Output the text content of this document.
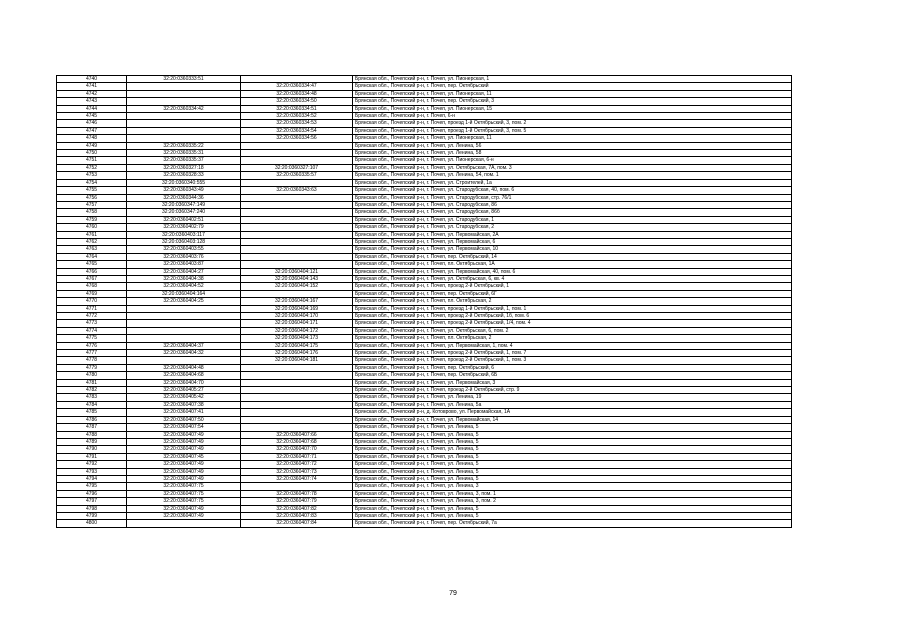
4740	32:20:0360333:51		Брянская обл., Почепский р-н, г. Почеп, ул. Пионерская, 1
4741		32:20:0360334:47	Брянская обл., Почепский р-н, г. Почеп, пер. Октябрьский
4742		32:20:0360334:48	Брянская обл., Почепский р-н, г. Почеп, ул. Пионерская, 11
4743		32:20:0360334:50	Брянская обл., Почепский р-н, г. Почеп, пер. Октябрьский, 3
4744	32:20:0360334:42	32:20:0360334:51	Брянская обл., Почепский р-н, г. Почеп, ул. Пионерская, 15
4745		32:20:0360334:52	Брянская обл., Почепский р-н, г. Почеп, 6-н
4746		32:20:0360334:53	Брянская обл., Почепский р-н, г. Почеп, проезд 1-й Октябрьский, 3, пом. 2
4747		32:20:0360334:54	Брянская обл., Почепский р-н, г. Почеп, проезд 1-й Октябрьский, 3, пом. 5
4748		32:20:0360334:56	Брянская обл., Почепский р-н, г. Почеп, ул. Пионерская, 11
4749	32:20:0360335:22		Брянская обл., Почепский р-н, г. Почеп, ул. Ленина, 56
4750	32:20:0360335:31		Брянская обл., Почепский р-н, г. Почеп, ул. Ленина, 58
4751	32:20:0360335:37		Брянская обл., Почепский р-н, г. Почеп, ул. Пионерская, 6-н
4752	32:20:0360327:18	32:20:0360327:107	Брянская обл., Почепский р-н, г. Почеп, ул. Октябрьская, 7А, пом. 3
4753	32:20:0360328:33	32:20:0360335:57	Брянская обл., Почепский р-н, г. Почеп, ул. Ленина, 54, пом. 1
4754	32:20:0360340:555		Брянская обл., Почепский р-н, г. Почеп, ул. Строителей, 1а
4755	32:20:0360343:49	32:20:0360343:63	Брянская обл., Почепский р-н, г. Почеп, ул. Стародубская, 40, пом. 6
4756	32:20:0360344:36		Брянская обл., Почепский р-н, г. Почеп, ул. Стародубская, стр. 76/1
4757	32:20:0360347:149		Брянская обл., Почепский р-н, г. Почеп, ул. Стародубская, 86
4758	32:20:0360347:240		Брянская обл., Почепский р-н, г. Почеп, ул. Стародубская, 86б
4759	32:20:0360402:51		Брянская обл., Почепский р-н, г. Почеп, ул. Стародубская, 1
4760	32:20:0360402:79		Брянская обл., Почепский р-н, г. Почеп, ул. Стародубская, 2
4761	32:20:0360403:117		Брянская обл., Почепский р-н, г. Почеп, ул. Первомайская, 2А
4762	32:20:0360403:128		Брянская обл., Почепский р-н, г. Почеп, ул. Первомайская, 6
4763	32:20:0360403:55		Брянская обл., Почепский р-н, г. Почеп, ул. Первомайская, 10
4764	32:20:0360403:76		Брянская обл., Почепский р-н, г. Почеп, пер. Октябрьский, 14
4765	32:20:0360403:87		Брянская обл., Почепский р-н, г. Почеп, пл. Октябрьская, 1А
4766	32:20:0360404:27	32:20:0360404:121	Брянская обл., Почепский р-н, г. Почеп, ул. Первомайская, 40, пом. 6
4767	32:20:0360404:38	32:20:0360404:143	Брянская обл., Почепский р-н, г. Почеп, ул. Октябрьская, 6, кв. 4
4768	32:20:0360404:52	32:20:0360404:152	Брянская обл., Почепский р-н, г. Почеп, проезд 2-й Октябрьский, 1
4769	32:20:0360404:164		Брянская обл., Почепский р-н, г. Почеп, пер. Октябрьский, 6Г
4770	32:20:0360404:25	32:20:0360404:167	Брянская обл., Почепский р-н, г. Почеп, пл. Октябрьская, 2
4771		32:20:0360404:169	Брянская обл., Почепский р-н, г. Почеп, проезд 1-й Октябрьский, 1, пом. 1
4772		32:20:0360404:170	Брянская обл., Почепский р-н, г. Почеп, проезд 2-й Октябрьский, 1б, пом. 6
4773		32:20:0360404:171	Брянская обл., Почепский р-н, г. Почеп, проезд 2-й Октябрьский, 1/4, пом. 4
4774		32:20:0360404:172	Брянская обл., Почепский р-н, г. Почеп, ул. Октябрьская, 6, пом. 2
4775		32:20:0360404:173	Брянская обл., Почепский р-н, г. Почеп, пл. Октябрьская, 2
4776	32:20:0360404:37	32:20:0360404:175	Брянская обл., Почепский р-н, г. Почеп, ул. Первомайская, 1, пом. 4
4777	32:20:0360404:32	32:20:0360404:176	Брянская обл., Почепский р-н, г. Почеп, проезд 2-й Октябрьский, 1, пом. 7
4778		32:20:0360404:181	Брянская обл., Почепский р-н, г. Почеп, проезд 2-й Октябрьский, 1, пом. 3
4779	32:20:0360404:48		Брянская обл., Почепский р-н, г. Почеп, пер. Октябрьский, 6
4780	32:20:0360404:68		Брянская обл., Почепский р-н, г. Почеп, пер. Октябрьский, 6Б
4781	32:20:0360404:70		Брянская обл., Почепский р-н, г. Почеп, ул. Первомайская, 3
4782	32:20:0360405:27		Брянская обл., Почепский р-н, г. Почеп, проезд 2-й Октябрьский, стр. 9
4783	32:20:0360405:42		Брянская обл., Почепский р-н, г. Почеп, ул. Ленина, 19
4784	32:20:0360407:38		Брянская обл., Почепский р-н, г. Почеп, ул. Ленина, 5а
4785	32:20:0360407:41		Брянская обл., Почепский р-н, д. Котоврово, ул. Первомайская, 1А
4786	32:20:0360407:50		Брянская обл., Почепский р-н, г. Почеп, ул. Первомайская, 14
4787	32:20:0360407:54		Брянская обл., Почепский р-н, г. Почеп, ул. Ленина, 5
4788	32:20:0360407:49	32:20:0360407:66	Брянская обл., Почепский р-н, г. Почеп, ул. Ленина, 5
4789	32:20:0360407:49	32:20:0360407:68	Брянская обл., Почепский р-н, г. Почеп, ул. Ленина, 5
4790	32:20:0360407:49	32:20:0360407:70	Брянская обл., Почепский р-н, г. Почеп, ул. Ленина, 5
4791	32:20:0360407:45	32:20:0360407:71	Брянская обл., Почепский р-н, г. Почеп, ул. Ленина, 5
4792	32:20:0360407:49	32:20:0360407:72	Брянская обл., Почепский р-н, г. Почеп, ул. Ленина, 5
4793	32:20:0360407:49	32:20:0360407:73	Брянская обл., Почепский р-н, г. Почеп, ул. Ленина, 5
4794	32:20:0360407:49	32:20:0360407:74	Брянская обл., Почепский р-н, г. Почеп, ул. Ленина, 5
4795	32:20:0360407:75		Брянская обл., Почепский р-н, г. Почеп, ул. Ленина, 3
4796	32:20:0360407:75	32:20:0360407:78	Брянская обл., Почепский р-н, г. Почеп, ул. Ленина, 3, пом. 1
4797	32:20:0360407:75	32:20:0360407:79	Брянская обл., Почепский р-н, г. Почеп, ул. Ленина, 3, пом. 2
4798	32:20:0360407:49	32:20:0360407:82	Брянская обл., Почепский р-н, г. Почеп, ул. Ленина, 5
4799	32:20:0360407:49	32:20:0360407:83	Брянская обл., Почепский р-н, г. Почеп, ул. Ленина, 5
4800		32:20:0360407:84	Брянская обл., Почепский р-н, г. Почеп, пер. Октябрьский, 7а
79
